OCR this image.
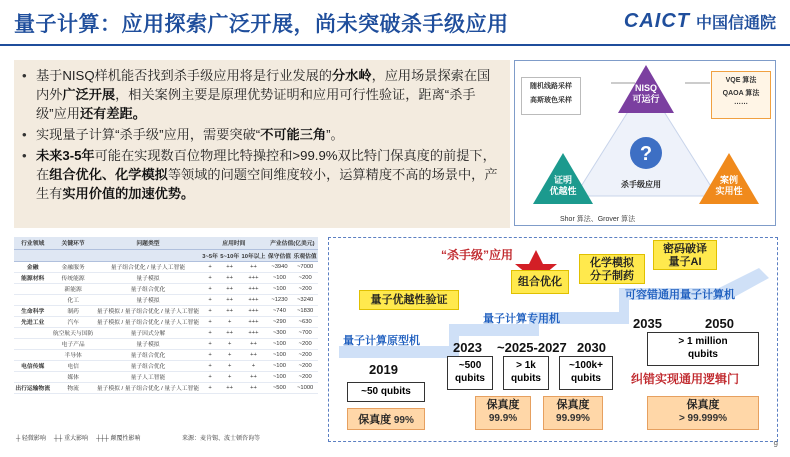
量子计算：应用探索广泛开展，尚未突破杀手级应用	CAICT 中国信通院
• 基于NISQ样机能否找到杀手级应用将是行业发展的分水岭，应用场景探索在国内外广泛开展，相关案例主要是原理优势证明和应用可行性验证，距离“杀手级”应用还有差距。
• 实现量子计算“杀手级”应用，需要突破“不可能三角”。
• 未来3-5年可能在实现数百位物理比特操控和>99.9%双比特门保真度的前提下，在组合优化、化学模拟等领域的问题空间维度较小，运算精度不高的场景中，产生有实用价值的加速优势。
?
随机线路采样
高斯玻色采样
VQE 算法
QAOA 算法
……
NISQ
可运行
证明
优越性
案例
实用性
杀手级应用
Shor 算法、Grover 算法
行业领域	关键环节	问题类型	应用时间			产业估值(亿美元)	
			3~5年	5~10年	10年以上	保守估值	乐观估值
金融	金融服务	量子组合优化 / 量子人工智能	+	++	++	~3940	~7000
能源材料	传统能源	量子模拟	+	++	+++	~100	~200
	新能源	量子组合优化	+	++	+++	~100	~200
	化工	量子模拟	+	++	+++	~1230	~3240
生命科学	制药	量子模拟 / 量子组合优化 / 量子人工智能	+	++	+++	~740	~1830
先进工业	汽车	量子模拟 / 量子组合优化 / 量子人工智能	+	+	+++	~290	~630
	航空航天与国防	量子因式分解	+	++	+++	~300	~700
	电子产品	量子模拟	+	+	++	~100	~200
	半导体	量子组合优化	+	+	++	~100	~200
电信传媒	电信	量子组合优化	+	+	+	~100	~200
	媒体	量子人工智能	+	+	++	~100	~200
出行运输物流	物流	量子模拟 / 量子组合优化 / 量子人工智能	+	++	++	~500	~1000
┼ 轻微影响 ┼┼ 重大影响 ┼┼┼ 颠覆性影响	来源：麦肯锡、波士顿咨询等
“杀手级”应用
组合优化
化学模拟
分子制药
密码破译
量子AI
量子优越性验证
量子计算原型机
量子计算专用机
可容错通用量子计算机
2019
2023 ~2025-2027 2030
2035	2050
~50 qubits
~500
qubits
> 1k
qubits
~100k+
qubits
> 1 million
qubits
纠错实现通用逻辑门
保真度 99%
保真度
99.9%
保真度
99.99%
保真度
> 99.999%
9
